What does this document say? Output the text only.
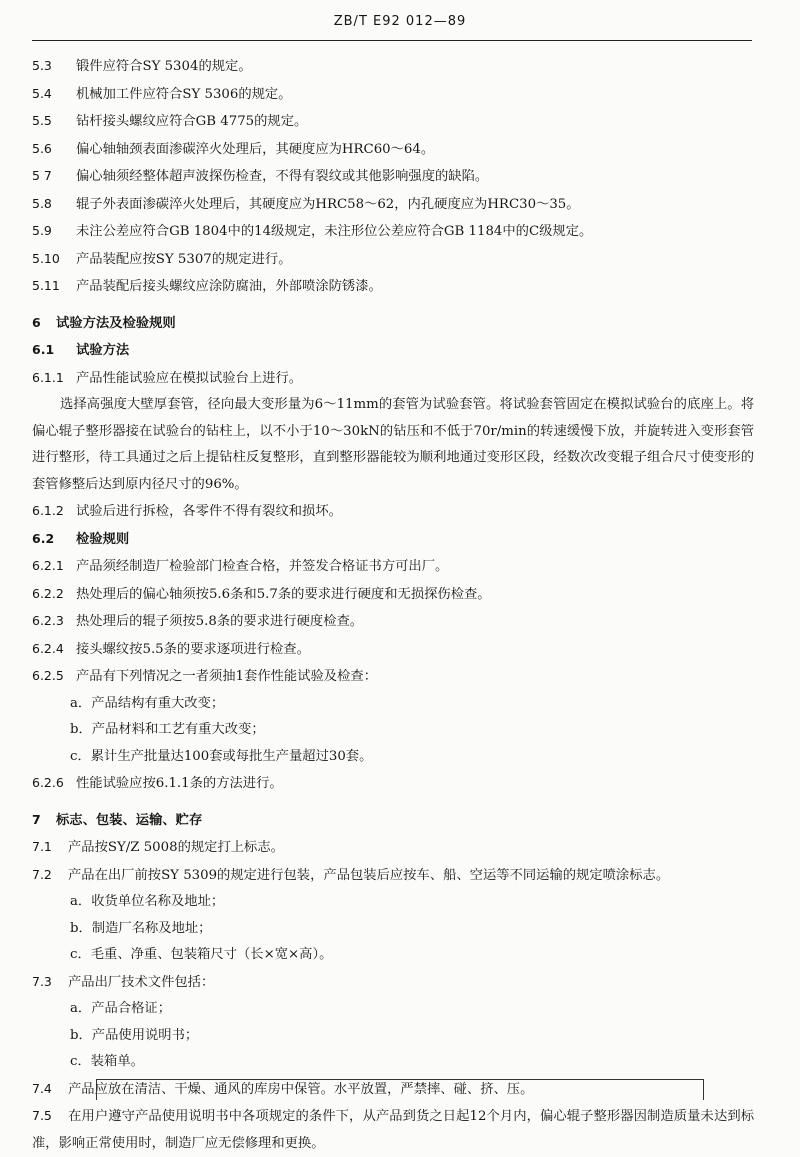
ZB/T E92 012—89
5.3 锻件应符合SY 5304的规定。
5.4 机械加工件应符合SY 5306的规定。
5.5 钻杆接头螺纹应符合GB 4775的规定。
5.6 偏心轴轴颈表面渗碳淬火处理后，其硬度应为HRC60～64。
5 7 偏心轴须经整体超声波探伤检查，不得有裂纹或其他影响强度的缺陷。
5.8 辊子外表面渗碳淬火处理后，其硬度应为HRC58～62，内孔硬度应为HRC30～35。
5.9 未注公差应符合GB 1804中的14级规定，未注形位公差应符合GB 1184中的C级规定。
5.10 产品装配应按SY 5307的规定进行。
5.11 产品装配后接头螺纹应涂防腐油，外部喷涂防锈漆。
6 试验方法及检验规则
6.1 试验方法
6.1.1 产品性能试验应在模拟试验台上进行。
选择高强度大壁厚套管，径向最大变形量为6～11mm的套管为试验套管。将试验套管固定在模拟试验台的底座上。将偏心辊子整形器接在试验台的钻柱上，以不小于10～30kN的钻压和不低于70r/min的转速缓慢下放，并旋转进入变形套管进行整形，待工具通过之后上提钻柱反复整形，直到整形器能较为顺利地通过变形区段，经数次改变辊子组合尺寸使变形的套管修整后达到原内径尺寸的96%。
6.1.2 试验后进行拆检，各零件不得有裂纹和损坏。
6.2 检验规则
6.2.1 产品须经制造厂检验部门检查合格，并签发合格证书方可出厂。
6.2.2 热处理后的偏心轴须按5.6条和5.7条的要求进行硬度和无损探伤检查。
6.2.3 热处理后的辊子须按5.8条的要求进行硬度检查。
6.2.4 接头螺纹按5.5条的要求逐项进行检查。
6.2.5 产品有下列情况之一者须抽1套作性能试验及检查：
a．产品结构有重大改变；
b．产品材料和工艺有重大改变；
c．累计生产批量达100套或每批生产量超过30套。
6.2.6 性能试验应按6.1.1条的方法进行。
7 标志、包装、运输、贮存
7.1 产品按SY/Z 5008的规定打上标志。
7.2 产品在出厂前按SY 5309的规定进行包装，产品包装后应按车、船、空运等不同运输的规定喷涂标志。
a．收货单位名称及地址；
b．制造厂名称及地址；
c．毛重、净重、包装箱尺寸（长×宽×高）。
7.3 产品出厂技术文件包括：
a．产品合格证；
b．产品使用说明书；
c．装箱单。
7.4 产品应放在清洁、干燥、通风的库房中保管。水平放置，严禁摔、碰、挤、压。
7.5 在用户遵守产品使用说明书中各项规定的条件下，从产品到货之日起12个月内，偏心辊子整形器因制造质量未达到标准，影响正常使用时，制造厂应无偿修理和更换。
